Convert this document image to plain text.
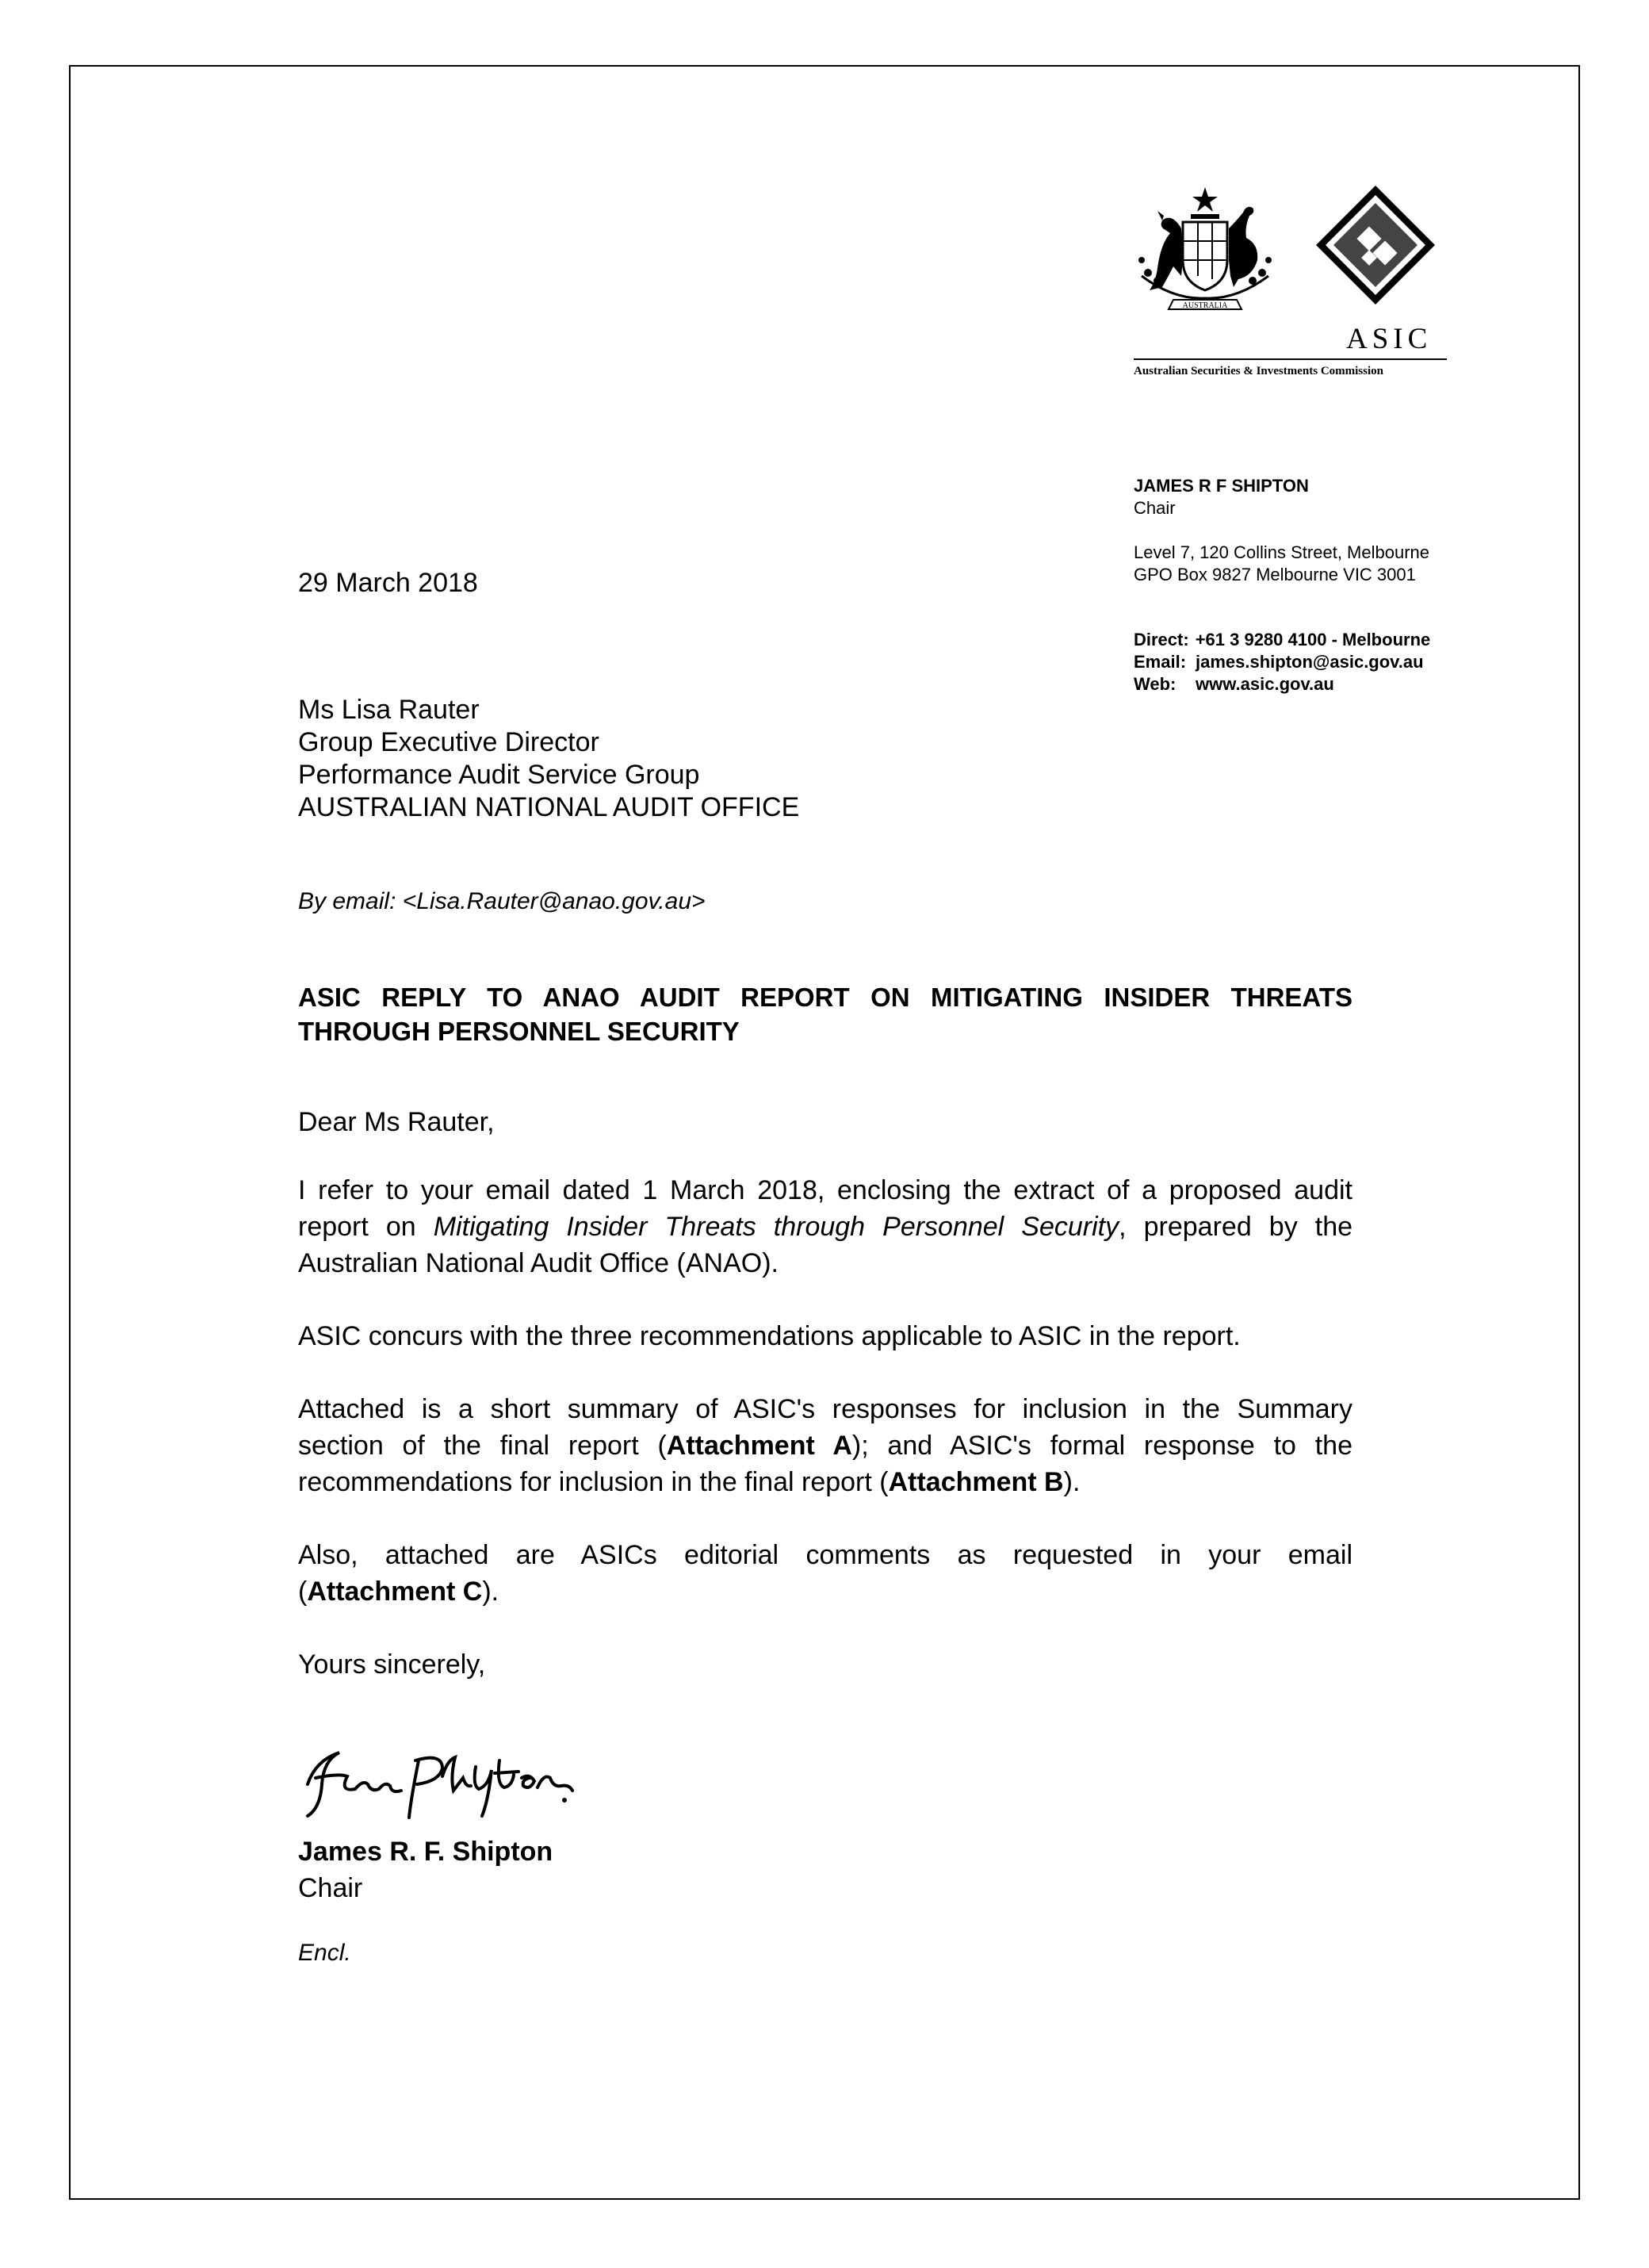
AUSTRALIA
ASIC
Australian Securities & Investments Commission
JAMES R F SHIPTON
Chair
Level 7, 120 Collins Street, Melbourne
GPO Box 9827 Melbourne VIC 3001
Direct: +61 3 9280 4100 - Melbourne
Email: james.shipton@asic.gov.au
Web: www.asic.gov.au
29 March 2018
Ms Lisa Rauter
Group Executive Director
Performance Audit Service Group
AUSTRALIAN NATIONAL AUDIT OFFICE
By email: <Lisa.Rauter@anao.gov.au>
ASIC REPLY TO ANAO AUDIT REPORT ON MITIGATING INSIDER THREATS
THROUGH PERSONNEL SECURITY
Dear Ms Rauter,
I refer to your email dated 1 March 2018, enclosing the extract of a proposed audit
report on Mitigating Insider Threats through Personnel Security, prepared by the
Australian National Audit Office (ANAO).
ASIC concurs with the three recommendations applicable to ASIC in the report.
Attached is a short summary of ASIC's responses for inclusion in the Summary
section of the final report (Attachment A); and ASIC's formal response to the
recommendations for inclusion in the final report (Attachment B).
Also, attached are ASICs editorial comments as requested in your email
(Attachment C).
Yours sincerely,
James R. F. Shipton
Chair
Encl.
